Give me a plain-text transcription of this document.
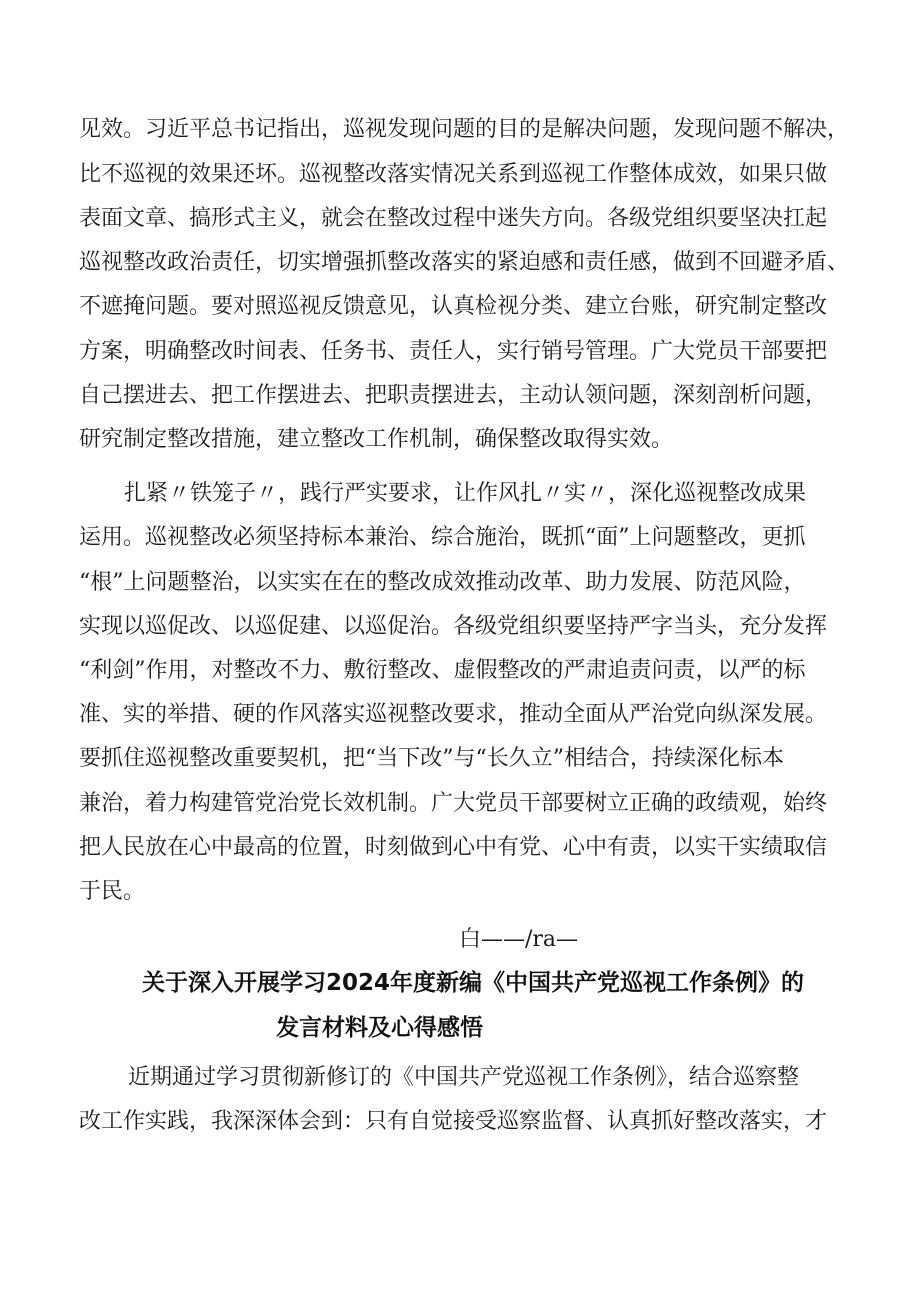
见效。习近平总书记指出，巡视发现问题的目的是解决问题，发现问题不解决，
比不巡视的效果还坏。巡视整改落实情况关系到巡视工作整体成效，如果只做
表面文章、搞形式主义，就会在整改过程中迷失方向。各级党组织要坚决扛起
巡视整改政治责任，切实增强抓整改落实的紧迫感和责任感，做到不回避矛盾、
不遮掩问题。要对照巡视反馈意见，认真检视分类、建立台账，研究制定整改
方案，明确整改时间表、任务书、责任人，实行销号管理。广大党员干部要把
自己摆进去、把工作摆进去、把职责摆进去，主动认领问题，深刻剖析问题，
研究制定整改措施，建立整改工作机制，确保整改取得实效。
扎紧〃铁笼子〃，践行严实要求，让作风扎〃实〃，深化巡视整改成果
运用。巡视整改必须坚持标本兼治、综合施治，既抓“面”上问题整改，更抓
“根”上问题整治，以实实在在的整改成效推动改革、助力发展、防范风险，
实现以巡促改、以巡促建、以巡促治。各级党组织要坚持严字当头，充分发挥
“利剑”作用，对整改不力、敷衍整改、虚假整改的严肃追责问责，以严的标
准、实的举措、硬的作风落实巡视整改要求，推动全面从严治党向纵深发展。
要抓住巡视整改重要契机，把“当下改”与“长久立”相结合，持续深化标本
兼治，着力构建管党治党长效机制。广大党员干部要树立正确的政绩观，始终
把人民放在心中最高的位置，时刻做到心中有党、心中有责，以实干实绩取信
于民。
白——/ra—
关于深入开展学习2024年度新编《中国共产党巡视工作条例》的
发言材料及心得感悟
近期通过学习贯彻新修订的《中国共产党巡视工作条例》，结合巡察整
改工作实践，我深深体会到：只有自觉接受巡察监督、认真抓好整改落实，才
